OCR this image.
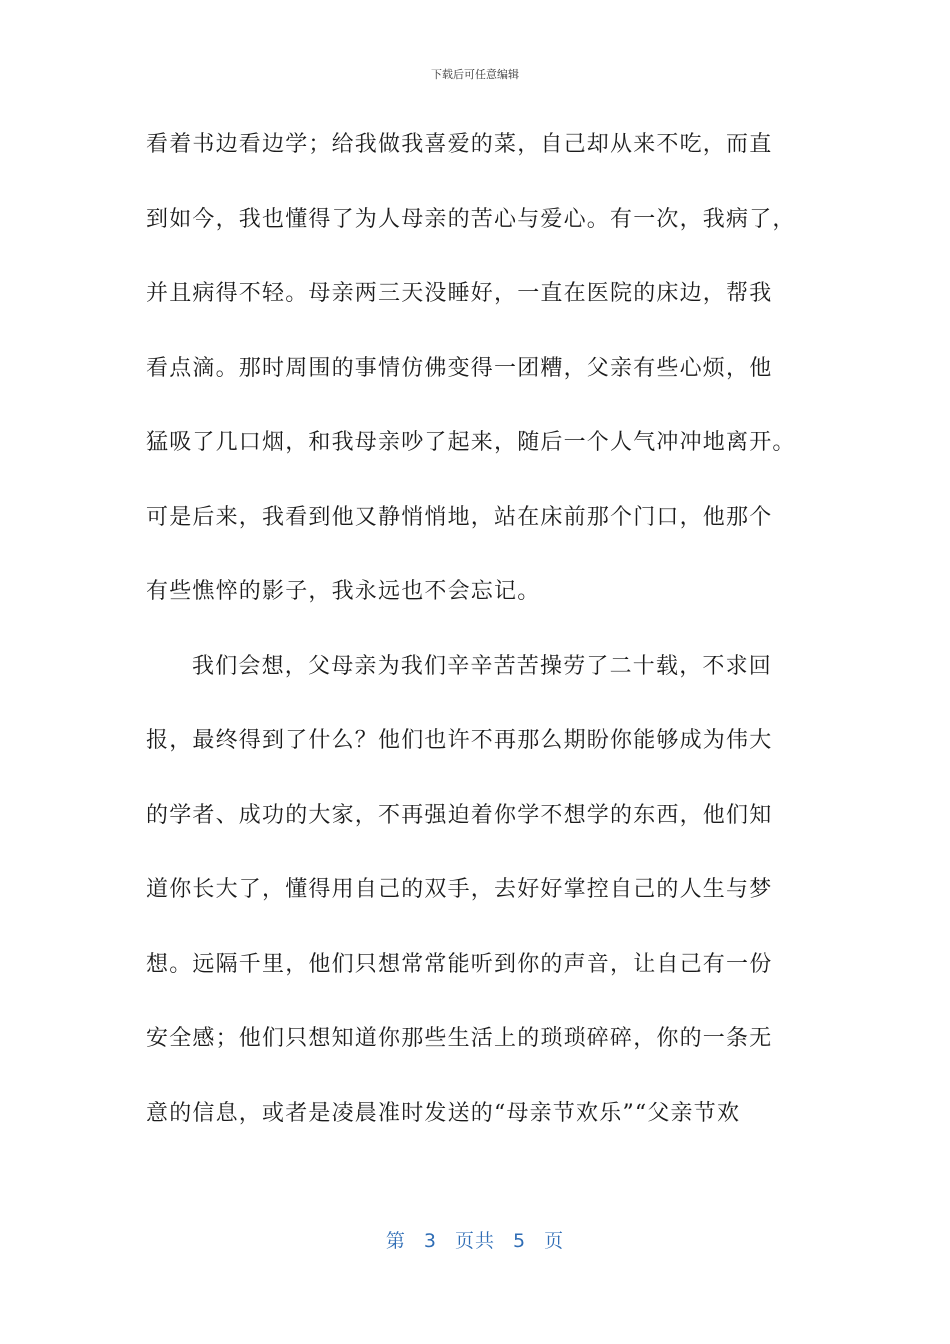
下载后可任意编辑
看着书边看边学；给我做我喜爱的菜，自己却从来不吃，而直
到如今，我也懂得了为人母亲的苦心与爱心。有一次，我病了，
并且病得不轻。母亲两三天没睡好，一直在医院的床边，帮我
看点滴。那时周围的事情仿佛变得一团糟，父亲有些心烦，他
猛吸了几口烟，和我母亲吵了起来，随后一个人气冲冲地离开。
可是后来，我看到他又静悄悄地，站在床前那个门口，他那个
有些憔悴的影子，我永远也不会忘记。
我们会想，父母亲为我们辛辛苦苦操劳了二十载，不求回
报，最终得到了什么？他们也许不再那么期盼你能够成为伟大
的学者、成功的大家，不再强迫着你学不想学的东西，他们知
道你长大了，懂得用自己的双手，去好好掌控自己的人生与梦
想。远隔千里，他们只想常常能听到你的声音，让自己有一份
安全感；他们只想知道你那些生活上的琐琐碎碎，你的一条无
意的信息，或者是凌晨准时发送的“母亲节欢乐”“父亲节欢
第 3 页共 5 页
